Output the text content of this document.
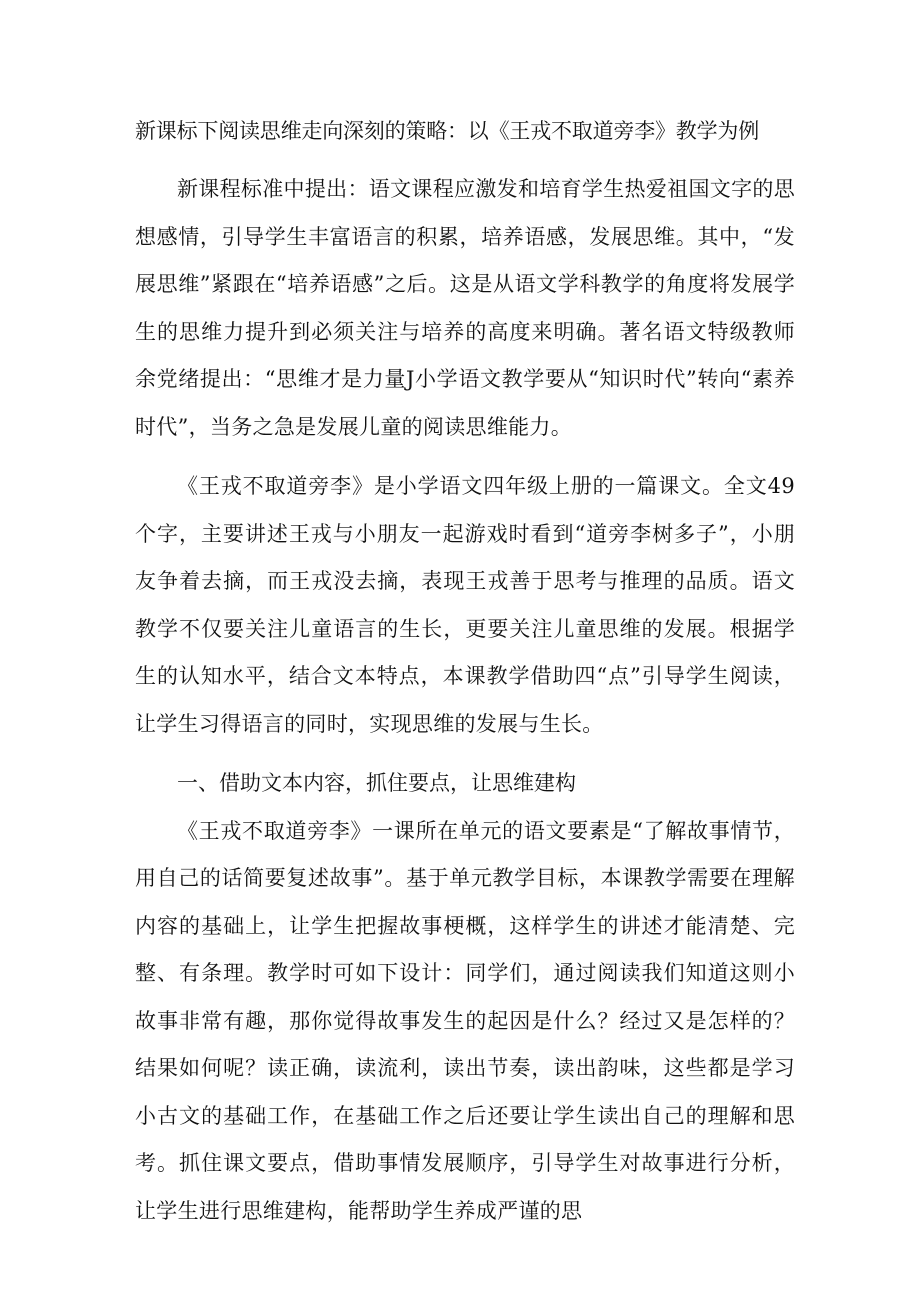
新课标下阅读思维走向深刻的策略：以《王戎不取道旁李》教学为例

新课程标准中提出：语文课程应激发和培育学生热爱祖国文字的思想感情，引导学生丰富语言的积累，培养语感，发展思维。其中，“发展思维”紧跟在“培养语感”之后。这是从语文学科教学的角度将发展学生的思维力提升到必须关注与培养的高度来明确。著名语文特级教师余党绪提出：“思维才是力量J小学语文教学要从“知识时代”转向“素养时代”，当务之急是发展儿童的阅读思维能力。

《王戎不取道旁李》是小学语文四年级上册的一篇课文。全文49个字，主要讲述王戎与小朋友一起游戏时看到“道旁李树多子”，小朋友争着去摘，而王戎没去摘，表现王戎善于思考与推理的品质。语文教学不仅要关注儿童语言的生长，更要关注儿童思维的发展。根据学生的认知水平，结合文本特点，本课教学借助四“点”引导学生阅读，让学生习得语言的同时，实现思维的发展与生长。

一、借助文本内容，抓住要点，让思维建构

《王戎不取道旁李》一课所在单元的语文要素是“了解故事情节，用自己的话简要复述故事”。基于单元教学目标，本课教学需要在理解内容的基础上，让学生把握故事梗概，这样学生的讲述才能清楚、完整、有条理。教学时可如下设计：同学们，通过阅读我们知道这则小故事非常有趣，那你觉得故事发生的起因是什么？经过又是怎样的？结果如何呢？读正确，读流利，读出节奏，读出韵味，这些都是学习小古文的基础工作，在基础工作之后还要让学生读出自己的理解和思考。抓住课文要点，借助事情发展顺序，引导学生对故事进行分析，让学生进行思维建构，能帮助学生养成严谨的思
